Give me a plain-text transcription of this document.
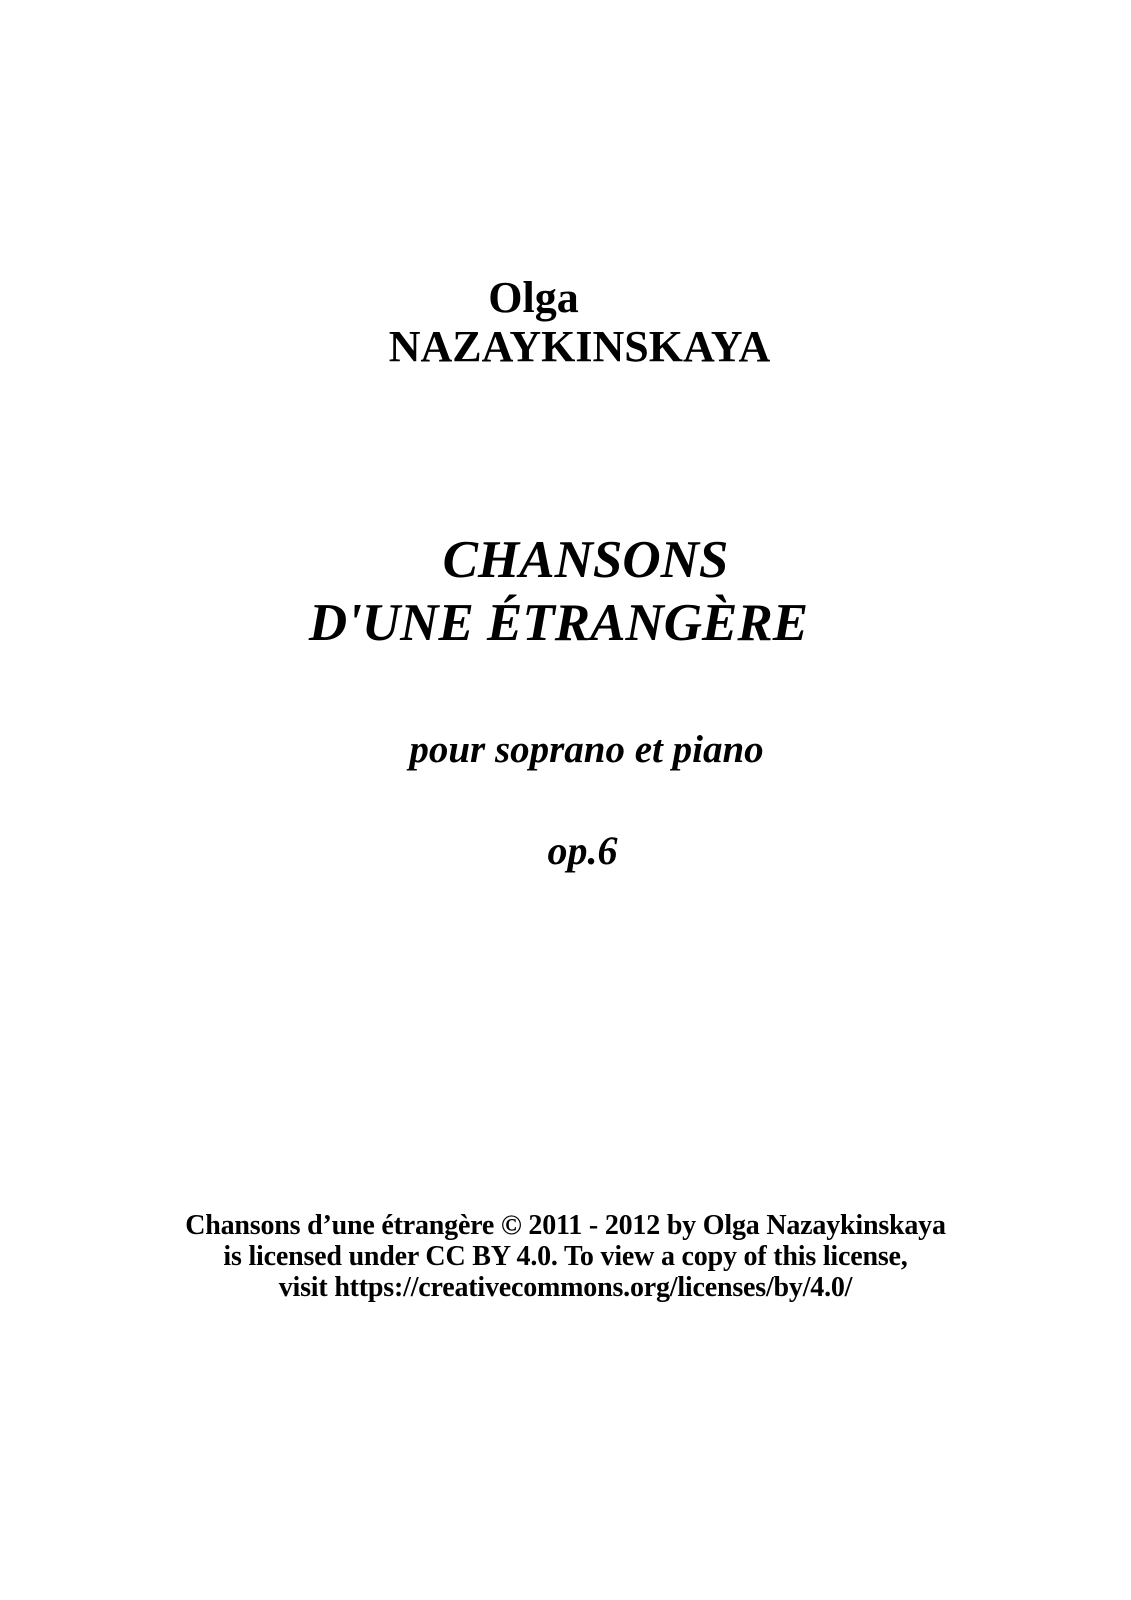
Olga
NAZAYKINSKAYA
CHANSONS
D'UNE ÉTRANGÈRE
pour soprano et piano
op.6
Chansons d’une étrangère © 2011 - 2012 by Olga Nazaykinskaya
is licensed under CC BY 4.0. To view a copy of this license,
visit https://creativecommons.org/licenses/by/4.0/
